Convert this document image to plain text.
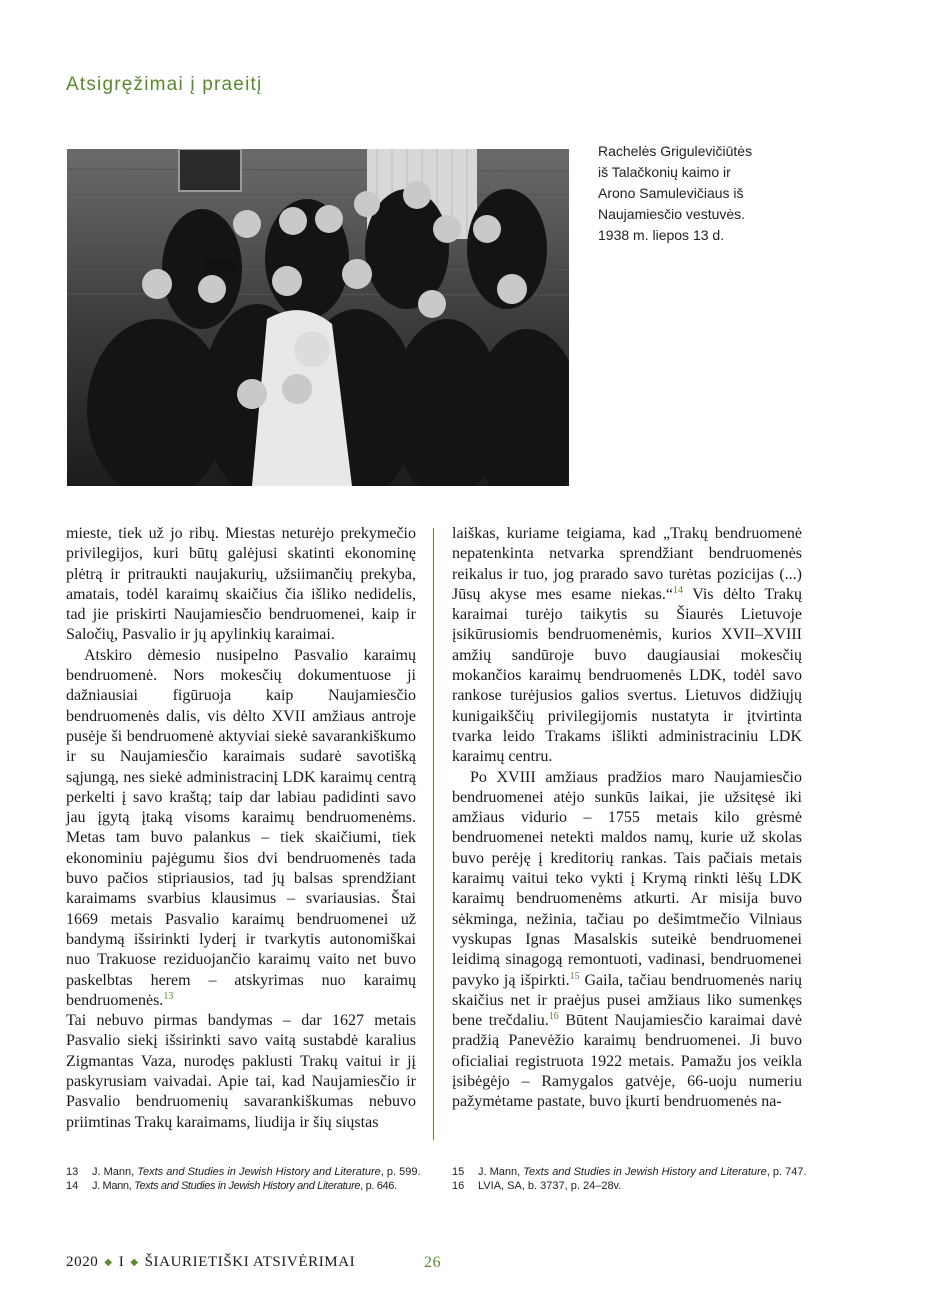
Atsigręžimai į praeitį
Rachelės Grigulevičiūtės
iš Talačkonių kaimo ir
Arono Samulevičiaus iš
Naujamiesčio vestuvės.
1938 m. liepos 13 d.

mieste, tiek už jo ribų. Miestas neturėjo prekymečio privilegijos, kuri būtų galėjusi skatinti ekonominę plėtrą ir pritraukti naujakurių, užsiimančių prekyba, amatais, todėl karaimų skaičius čia išliko nedidelis, tad jie priskirti Naujamiesčio bendruomenei, kaip ir Saločių, Pasvalio ir jų apylinkių karaimai.

Atskiro dėmesio nusipelno Pasvalio karaimų bendruomenė. Nors mokesčių dokumentuose ji dažniausiai figūruoja kaip Naujamiesčio bendruomenės dalis, vis dėlto XVII amžiaus antroje pusėje ši bendruomenė aktyviai siekė savarankiškumo ir su Naujamiesčio karaimais sudarė savotišką sąjungą, nes siekė administracinį LDK karaimų centrą perkelti į savo kraštą; taip dar labiau padidinti savo jau įgytą įtaką visoms karaimų bendruomenėms. Metas tam buvo palankus – tiek skaičiumi, tiek ekonominiu pajėgumu šios dvi bendruomenės tada buvo pačios stipriausios, tad jų balsas sprendžiant karaimams svarbius klausimus – svariausias. Štai 1669 metais Pasvalio karaimų bendruomenei už bandymą išsirinkti lyderį ir tvarkytis autonomiškai nuo Trakuose reziduojančio karaimų vaito net buvo paskelbtas herem – atskyrimas nuo karaimų bendruomenės.$^{13}$

Tai nebuvo pirmas bandymas – dar 1627 metais Pasvalio siekį išsirinkti savo vaitą sustabdė karalius Zigmantas Vaza, nurodęs paklusti Trakų vaitui ir jį paskyrusiam vaivadai. Apie tai, kad Naujamiesčio ir Pasvalio bendruomenių savarankiškumas nebuvo priimtinas Trakų karaimams, liudija ir šių siųstas

laiškas, kuriame teigiama, kad „Trakų bendruomenė nepatenkinta netvarka sprendžiant bendruomenės reikalus ir tuo, jog prarado savo turėtas pozicijas (...) Jūsų akyse mes esame niekas.“$^{14}$ Vis dėlto Trakų karaimai turėjo taikytis su Šiaurės Lietuvoje įsikūrusiomis bendruomenėmis, kurios XVII–XVIII amžių sandūroje buvo daugiausiai mokesčių mokančios karaimų bendruomenės LDK, todėl savo rankose turėjusios galios svertus. Lietuvos didžiųjų kunigaikščių privilegijomis nustatyta ir įtvirtinta tvarka leido Trakams išlikti administraciniu LDK karaimų centru.

Po XVIII amžiaus pradžios maro Naujamiesčio bendruomenei atėjo sunkūs laikai, jie užsitęsė iki amžiaus vidurio – 1755 metais kilo grėsmė bendruomenei netekti maldos namų, kurie už skolas buvo perėję į kreditorių rankas. Tais pačiais metais karaimų vaitui teko vykti į Krymą rinkti lėšų LDK karaimų bendruomenėms atkurti. Ar misija buvo sėkminga, nežinia, tačiau po dešimtmečio Vilniaus vyskupas Ignas Masalskis suteikė bendruomenei leidimą sinagogą remontuoti, vadinasi, bendruomenei pavyko ją išpirkti.$^{15}$ Gaila, tačiau bendruomenės narių skaičius net ir praėjus pusei amžiaus liko sumenkęs bene trečdaliu.$^{16}$ Būtent Naujamiesčio karaimai davė pradžią Panevėžio karaimų bendruomenei. Ji buvo oficialiai registruota 1922 metais. Pamažu jos veikla įsibėgėjo – Ramygalos gatvėje, 66-uoju numeriu pažymėtame pastate, buvo įkurti bendruomenės na-

13	J. Mann, Texts and Studies in Jewish History and Literature, p. 599.
14	J. Mann, Texts and Studies in Jewish History and Literature, p. 646.
15	J. Mann, Texts and Studies in Jewish History and Literature, p. 747.
16	LVIA, SA, b. 3737, p. 24–28v.
2020 ◆ I ◆ ŠIAURIETIŠKI ATSIVĖRIMAI	26
